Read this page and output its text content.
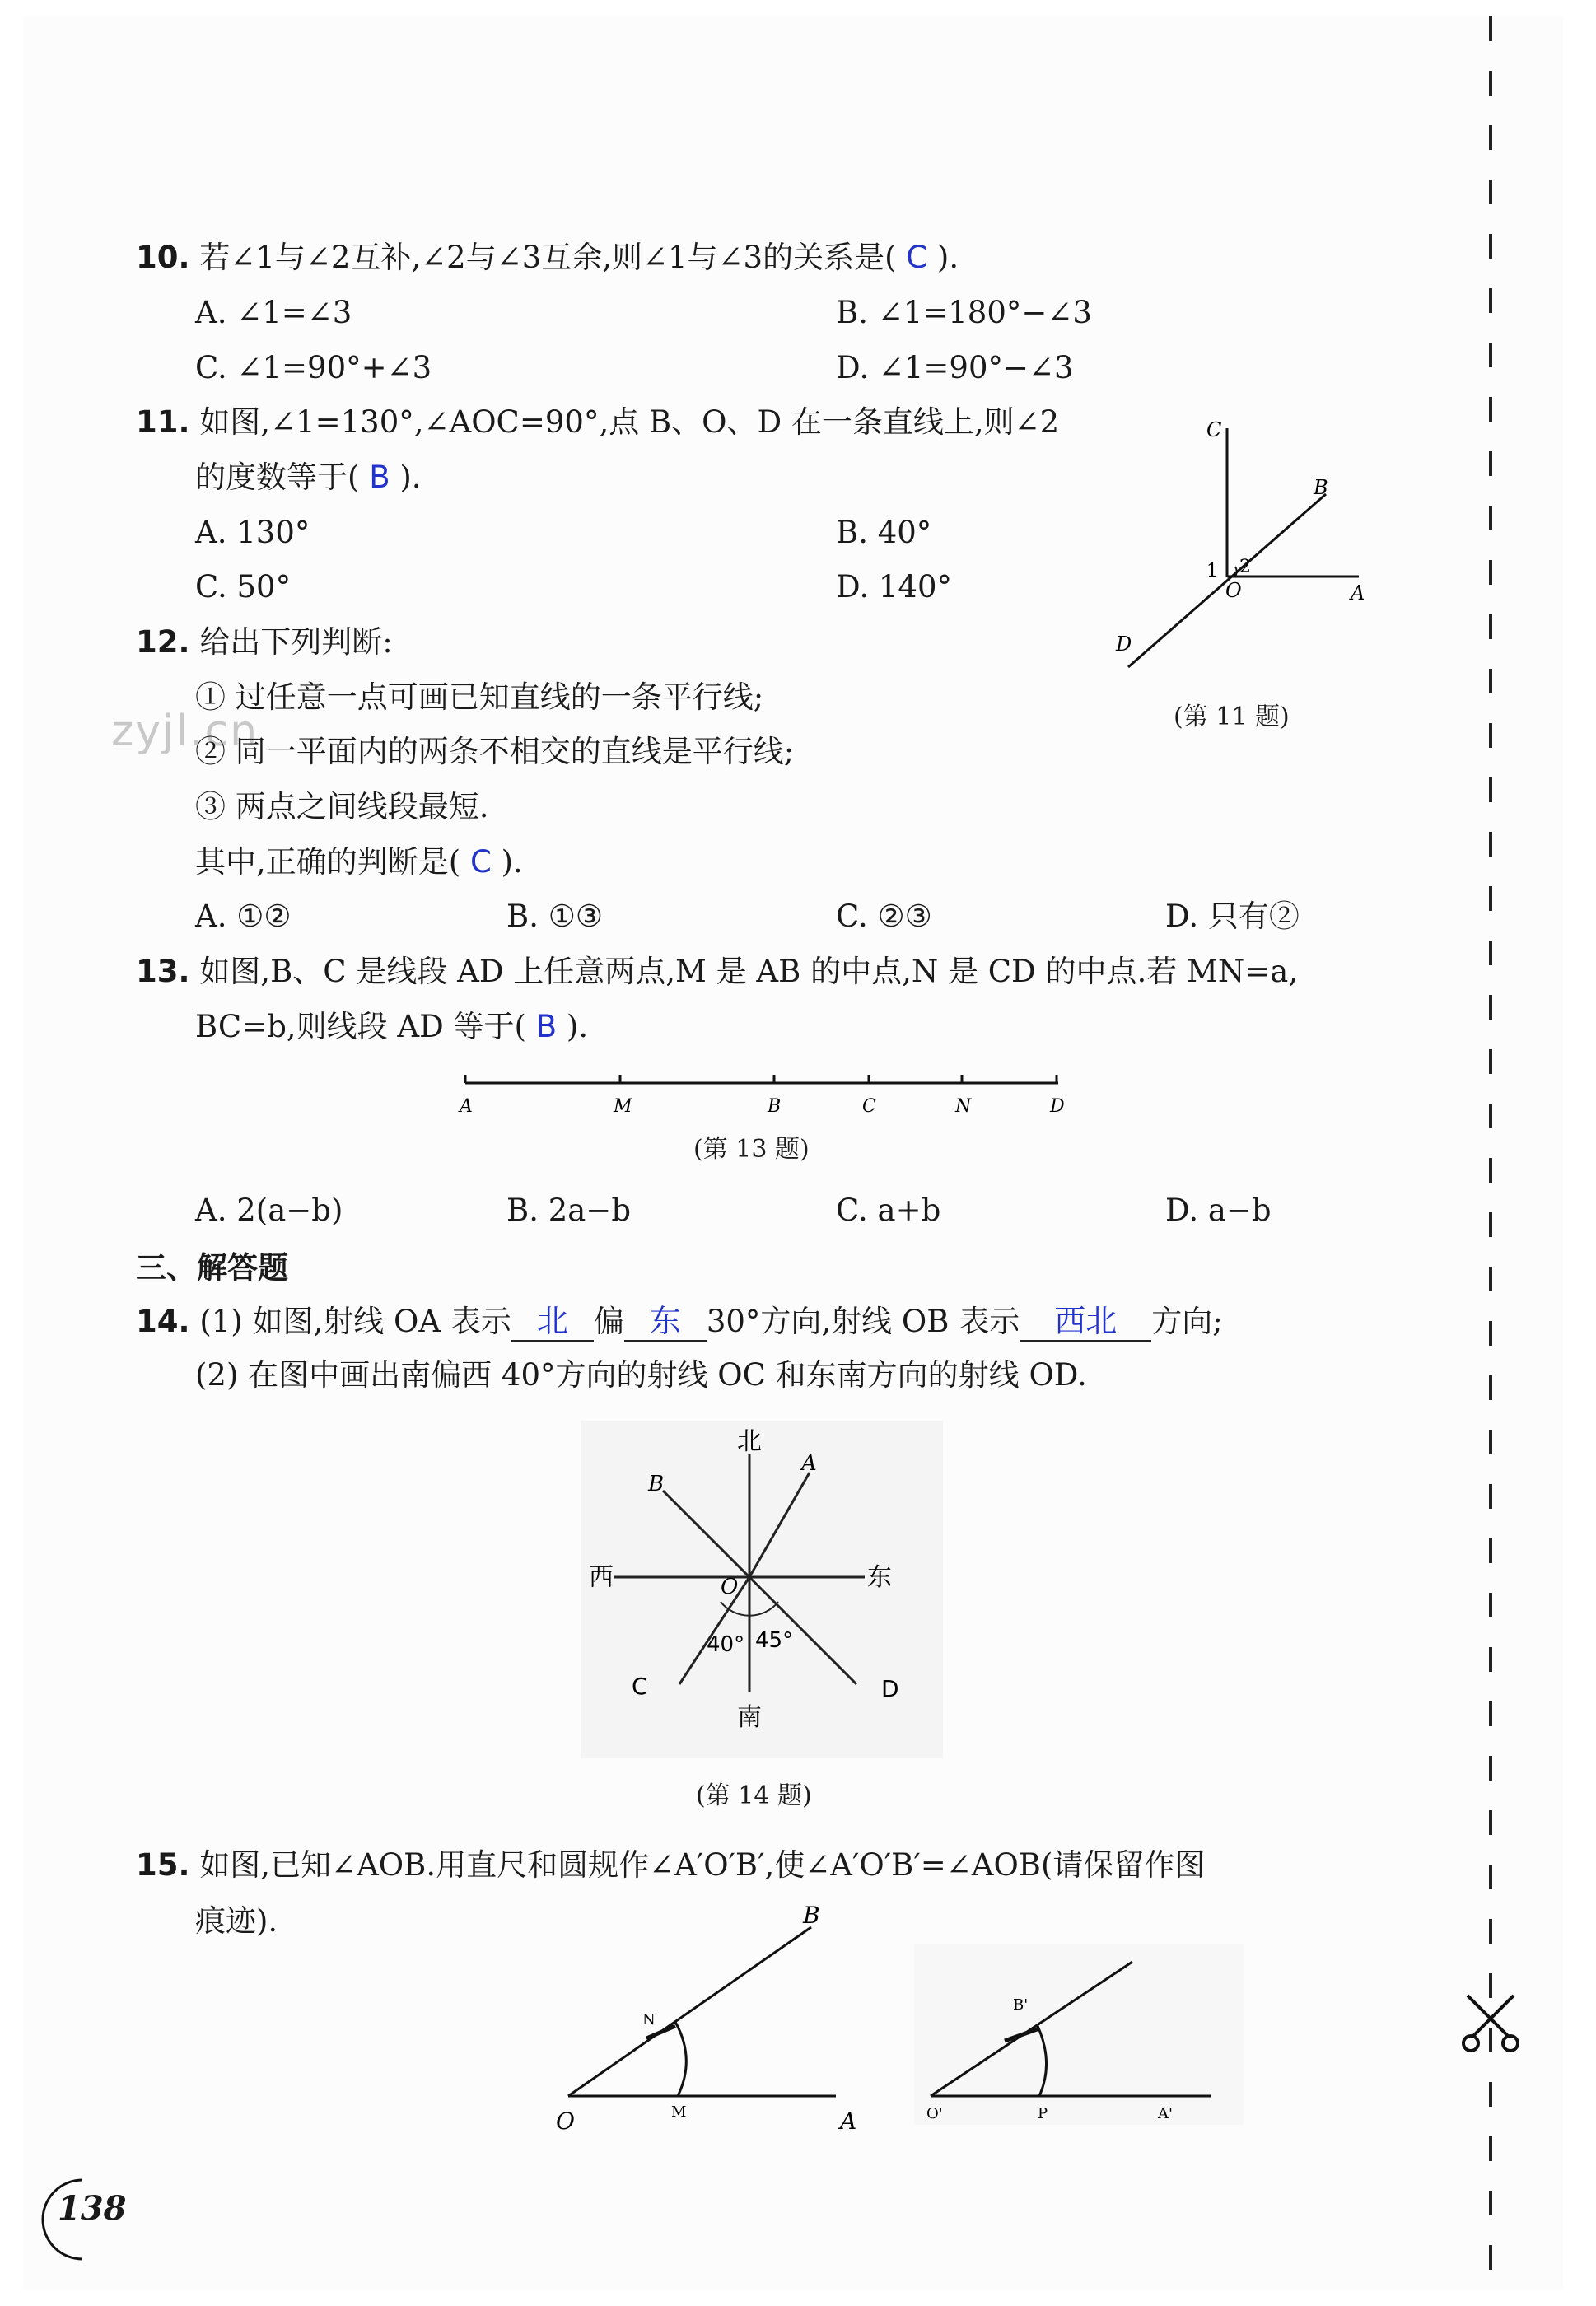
zyjl.cn
10. 若∠1与∠2互补,∠2与∠3互余,则∠1与∠3的关系是( C ).
A. ∠1=∠3	B. ∠1=180°−∠3
C. ∠1=90°+∠3	D. ∠1=90°−∠3
11. 如图,∠1=130°,∠AOC=90°,点 B、O、D 在一条直线上,则∠2
的度数等于( B ).
A. 130°	B. 40°
C. 50°	D. 140°
C
B
A
O
D
1 2
(第 11 题)
12. 给出下列判断:
① 过任意一点可画已知直线的一条平行线;
② 同一平面内的两条不相交的直线是平行线;
③ 两点之间线段最短.
其中,正确的判断是( C ).
A. ①②	B. ①③	C. ②③	D. 只有②
13. 如图,B、C 是线段 AD 上任意两点,M 是 AB 的中点,N 是 CD 的中点.若 MN=a,
BC=b,则线段 AD 等于( B ).
A	M	B	C	N	D
(第 13 题)
A. 2(a−b)	B. 2a−b	C. a+b	D. a−b
三、解答题
14. (1) 如图,射线 OA 表示 北 偏 东 30°方向,射线 OB 表示 西北 方向;
(2) 在图中画出南偏西 40°方向的射线 OC 和东南方向的射线 OD.
北
南
西	东
A
B
C	D
O
40° 45°
(第 14 题)
15. 如图,已知∠AOB.用直尺和圆规作∠A′O′B′,使∠A′O′B′=∠AOB(请保留作图
痕迹).	B
N
O	M	A
B'
O'	P	A'
138
